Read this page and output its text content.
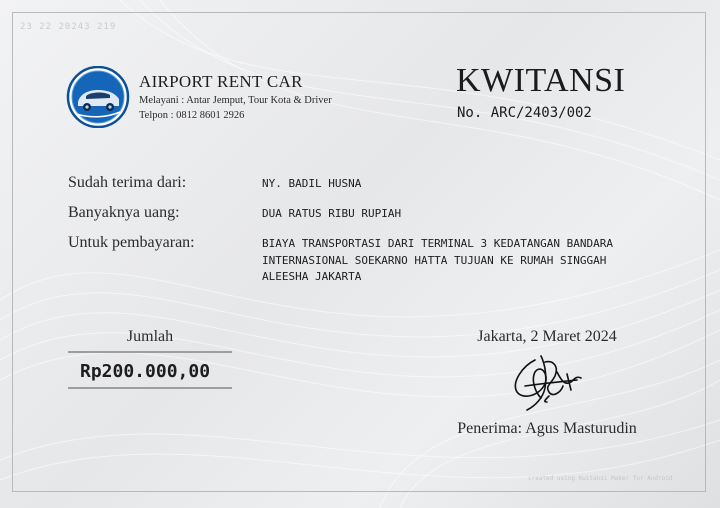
23 22 20243 219
AIRPORT RENT CAR
Melayani : Antar Jemput, Tour Kota & Driver
Telpon : 0812 8601 2926
KWITANSI
No. ARC/2403/002
Sudah terima dari:	NY. BADIL HUSNA
Banyaknya uang:	DUA RATUS RIBU RUPIAH
Untuk pembayaran:	BIAYA TRANSPORTASI DARI TERMINAL 3 KEDATANGAN BANDARA
INTERNASIONAL SOEKARNO HATTA TUJUAN KE RUMAH SINGGAH
ALEESHA JAKARTA
Jumlah
Rp200.000,00
Jakarta, 2 Maret 2024
Penerima: Agus Masturudin
created using Kwitansi Maker for Android
